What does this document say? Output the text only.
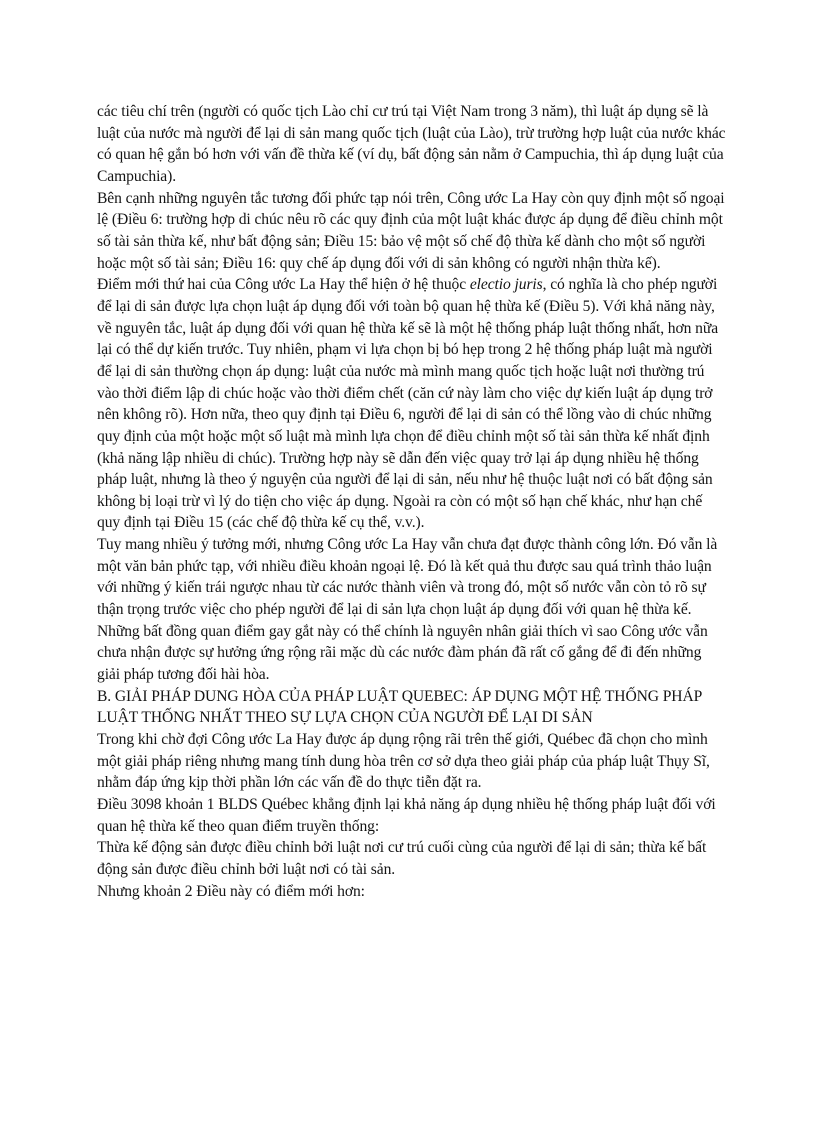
các tiêu chí trên (người có quốc tịch Lào chỉ cư trú tại Việt Nam trong 3 năm), thì luật áp dụng sẽ là luật của nước mà người để lại di sản mang quốc tịch (luật của Lào), trừ trường hợp luật của nước khác có quan hệ gắn bó hơn với vấn đề thừa kế (ví dụ, bất động sản nằm ở Campuchia, thì áp dụng luật của Campuchia).

Bên cạnh những nguyên tắc tương đối phức tạp nói trên, Công ước La Hay còn quy định một số ngoại lệ (Điều 6: trường hợp di chúc nêu rõ các quy định của một luật khác được áp dụng để điều chỉnh một số tài sản thừa kế, như bất động sản; Điều 15: bảo vệ một số chế độ thừa kế dành cho một số người hoặc một số tài sản; Điều 16: quy chế áp dụng đối với di sản không có người nhận thừa kế).

Điểm mới thứ hai của Công ước La Hay thể hiện ở hệ thuộc electio juris, có nghĩa là cho phép người để lại di sản được lựa chọn luật áp dụng đối với toàn bộ quan hệ thừa kế (Điều 5). Với khả năng này, về nguyên tắc, luật áp dụng đối với quan hệ thừa kế sẽ là một hệ thống pháp luật thống nhất, hơn nữa lại có thể dự kiến trước. Tuy nhiên, phạm vi lựa chọn bị bó hẹp trong 2 hệ thống pháp luật mà người để lại di sản thường chọn áp dụng: luật của nước mà mình mang quốc tịch hoặc luật nơi thường trú vào thời điểm lập di chúc hoặc vào thời điểm chết (căn cứ này làm cho việc dự kiến luật áp dụng trở nên không rõ). Hơn nữa, theo quy định tại Điều 6, người để lại di sản có thể lồng vào di chúc những quy định của một hoặc một số luật mà mình lựa chọn để điều chỉnh một số tài sản thừa kế nhất định (khả năng lập nhiều di chúc). Trường hợp này sẽ dẫn đến việc quay trở lại áp dụng nhiều hệ thống pháp luật, nhưng là theo ý nguyện của người để lại di sản, nếu như hệ thuộc luật nơi có bất động sản không bị loại trừ vì lý do tiện cho việc áp dụng. Ngoài ra còn có một số hạn chế khác, như hạn chế quy định tại Điều 15 (các chế độ thừa kế cụ thể, v.v.).

Tuy mang nhiều ý tưởng mới, nhưng Công ước La Hay vẫn chưa đạt được thành công lớn. Đó vẫn là một văn bản phức tạp, với nhiều điều khoản ngoại lệ. Đó là kết quả thu được sau quá trình thảo luận với những ý kiến trái ngược nhau từ các nước thành viên và trong đó, một số nước vẫn còn tỏ rõ sự thận trọng trước việc cho phép người để lại di sản lựa chọn luật áp dụng đối với quan hệ thừa kế. Những bất đồng quan điểm gay gắt này có thể chính là nguyên nhân giải thích vì sao Công ước vẫn chưa nhận được sự hưởng ứng rộng rãi mặc dù các nước đàm phán đã rất cố gắng để đi đến những giải pháp tương đối hài hòa.

B. GIẢI PHÁP DUNG HÒA CỦA PHÁP LUẬT QUEBEC: ÁP DỤNG MỘT HỆ THỐNG PHÁP LUẬT THỐNG NHẤT THEO SỰ LỰA CHỌN CỦA NGƯỜI ĐỂ LẠI DI SẢN

Trong khi chờ đợi Công ước La Hay được áp dụng rộng rãi trên thế giới, Québec đã chọn cho mình một giải pháp riêng nhưng mang tính dung hòa trên cơ sở dựa theo giải pháp của pháp luật Thụy Sĩ, nhằm đáp ứng kịp thời phần lớn các vấn đề do thực tiễn đặt ra.

Điều 3098 khoản 1 BLDS Québec khẳng định lại khả năng áp dụng nhiều hệ thống pháp luật đối với quan hệ thừa kế theo quan điểm truyền thống:

Thừa kế động sản được điều chỉnh bởi luật nơi cư trú cuối cùng của người để lại di sản; thừa kế bất động sản được điều chỉnh bởi luật nơi có tài sản.

Nhưng khoản 2 Điều này có điểm mới hơn:
